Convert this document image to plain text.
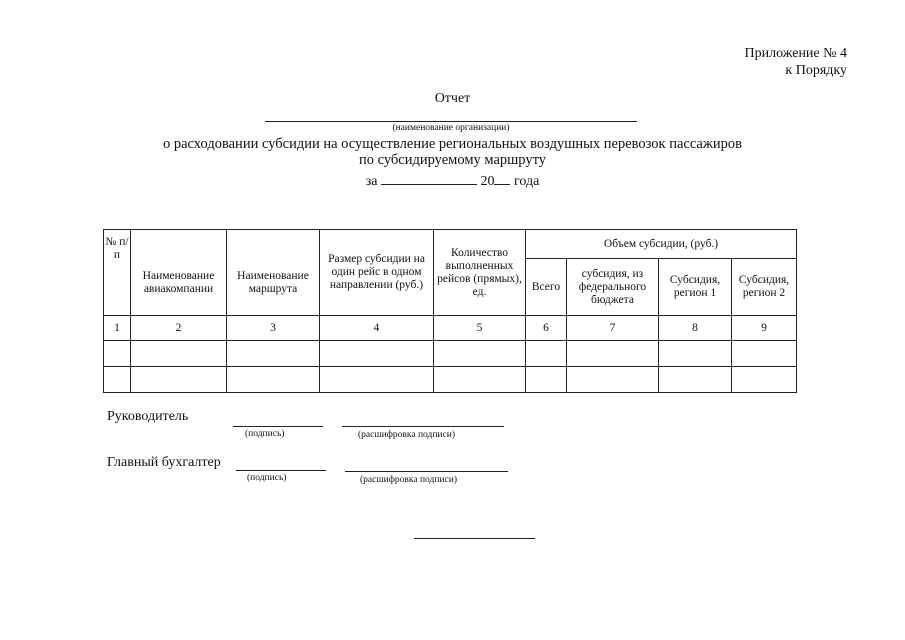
Приложение № 4
к Порядку
Отчет
(наименование организации)
о расходовании субсидии на осуществление региональных воздушных перевозок пассажиров
по субсидируемому маршруту
за	20 года
№ п/п	Наименование авиакомпании	Наименование маршрута	Размер субсидии на один рейс в одном направлении (руб.)	Количество выполненных рейсов (прямых), ед.	Объем субсидии, (руб.)			
					Всего	субсидия, из федерального бюджета	Субсидия, регион 1	Субсидия, регион 2
1	2	3	4	5	6	7	8	9

Руководитель
(подпись)	(расшифровка подписи)
Главный бухгалтер
(подпись)	(расшифровка подписи)
